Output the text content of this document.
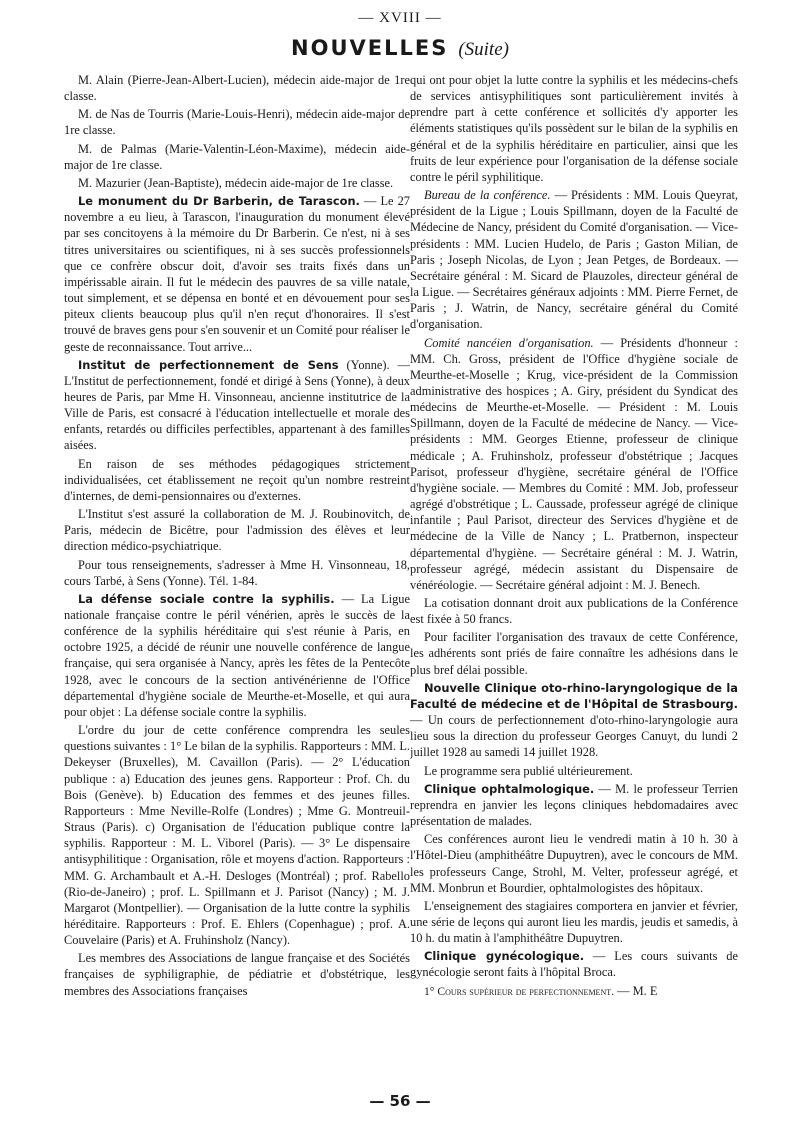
— XVIII —
NOUVELLES (Suite)

M. Alain (Pierre-Jean-Albert-Lucien), médecin aide-major de 1re classe.

M. de Nas de Tourris (Marie-Louis-Henri), médecin aide-major de 1re classe.

M. de Palmas (Marie-Valentin-Léon-Maxime), médecin aide-major de 1re classe.

M. Mazurier (Jean-Baptiste), médecin aide-major de 1re classe.

Le monument du Dr Barberin, de Tarascon. — Le 27 novembre a eu lieu, à Tarascon, l'inauguration du monument élevé par ses concitoyens à la mémoire du Dr Barberin. Ce n'est, ni à ses titres universitaires ou scientifiques, ni à ses succès professionnels que ce confrère obscur doit, d'avoir ses traits fixés dans un impérissable airain. Il fut le médecin des pauvres de sa ville natale, tout simplement, et se dépensa en bonté et en dévouement pour ses piteux clients beaucoup plus qu'il n'en reçut d'honoraires. Il s'est trouvé de braves gens pour s'en souvenir et un Comité pour réaliser le geste de reconnaissance. Tout arrive...

Institut de perfectionnement de Sens (Yonne). — L'Institut de perfectionnement, fondé et dirigé à Sens (Yonne), à deux heures de Paris, par Mme H. Vinsonneau, ancienne institutrice de la Ville de Paris, est consacré à l'éducation intellectuelle et morale des enfants, retardés ou difficiles perfectibles, appartenant à des familles aisées.

En raison de ses méthodes pédagogiques strictement individualisées, cet établissement ne reçoit qu'un nombre restreint d'internes, de demi-pensionnaires ou d'externes.

L'Institut s'est assuré la collaboration de M. J. Roubinovitch, de Paris, médecin de Bicêtre, pour l'admission des élèves et leur direction médico-psychiatrique.

Pour tous renseignements, s'adresser à Mme H. Vinsonneau, 18, cours Tarbé, à Sens (Yonne). Tél. 1-84.

La défense sociale contre la syphilis. — La Ligue nationale française contre le péril vénérien, après le succès de la conférence de la syphilis héréditaire qui s'est réunie à Paris, en octobre 1925, a décidé de réunir une nouvelle conférence de langue française, qui sera organisée à Nancy, après les fêtes de la Pentecôte 1928, avec le concours de la section antivénérienne de l'Office départemental d'hygiène sociale de Meurthe-et-Moselle, et qui aura pour objet : La défense sociale contre la syphilis.

L'ordre du jour de cette conférence comprendra les seules questions suivantes : 1° Le bilan de la syphilis. Rapporteurs : MM. L. Dekeyser (Bruxelles), M. Cavaillon (Paris). — 2° L'éducation publique : a) Education des jeunes gens. Rapporteur : Prof. Ch. du Bois (Genève). b) Education des femmes et des jeunes filles. Rapporteurs : Mme Neville-Rolfe (Londres) ; Mme G. Montreuil-Straus (Paris). c) Organisation de l'éducation publique contre la syphilis. Rapporteur : M. L. Viborel (Paris). — 3° Le dispensaire antisyphilitique : Organisation, rôle et moyens d'action. Rapporteurs : MM. G. Archambault et A.-H. Desloges (Montréal) ; prof. Rabello (Rio-de-Janeiro) ; prof. L. Spillmann et J. Parisot (Nancy) ; M. J. Margarot (Montpellier). — Organisation de la lutte contre la syphilis héréditaire. Rapporteurs : Prof. E. Ehlers (Copenhague) ; prof. A. Couvelaire (Paris) et A. Fruhinsholz (Nancy).

Les membres des Associations de langue française et des Sociétés françaises de syphiligraphie, de pédiatrie et d'obstétrique, les membres des Associations françaises

qui ont pour objet la lutte contre la syphilis et les médecins-chefs de services antisyphilitiques sont particulièrement invités à prendre part à cette conférence et sollicités d'y apporter les éléments statistiques qu'ils possèdent sur le bilan de la syphilis en général et de la syphilis héréditaire en particulier, ainsi que les fruits de leur expérience pour l'organisation de la défense sociale contre le péril syphilitique.

Bureau de la conférence. — Présidents : MM. Louis Queyrat, président de la Ligue ; Louis Spillmann, doyen de la Faculté de Médecine de Nancy, président du Comité d'organisation. — Vice-présidents : MM. Lucien Hudelo, de Paris ; Gaston Milian, de Paris ; Joseph Nicolas, de Lyon ; Jean Petges, de Bordeaux. — Secrétaire général : M. Sicard de Plauzoles, directeur général de la Ligue. — Secrétaires généraux adjoints : MM. Pierre Fernet, de Paris ; J. Watrin, de Nancy, secrétaire général du Comité d'organisation.

Comité nancéien d'organisation. — Présidents d'honneur : MM. Ch. Gross, président de l'Office d'hygiène sociale de Meurthe-et-Moselle ; Krug, vice-président de la Commission administrative des hospices ; A. Giry, président du Syndicat des médecins de Meurthe-et-Moselle. — Président : M. Louis Spillmann, doyen de la Faculté de médecine de Nancy. — Vice-présidents : MM. Georges Etienne, professeur de clinique médicale ; A. Fruhinsholz, professeur d'obstétrique ; Jacques Parisot, professeur d'hygiène, secrétaire général de l'Office d'hygiène sociale. — Membres du Comité : MM. Job, professeur agrégé d'obstrétique ; L. Caussade, professeur agrégé de clinique infantile ; Paul Parisot, directeur des Services d'hygiène et de médecine de la Ville de Nancy ; L. Pratbernon, inspecteur départemental d'hygiène. — Secrétaire général : M. J. Watrin, professeur agrégé, médecin assistant du Dispensaire de vénéréologie. — Secrétaire général adjoint : M. J. Benech.

La cotisation donnant droit aux publications de la Conférence est fixée à 50 francs.

Pour faciliter l'organisation des travaux de cette Conférence, les adhérents sont priés de faire connaître les adhésions dans le plus bref délai possible.

Nouvelle Clinique oto-rhino-laryngologique de la Faculté de médecine et de l'Hôpital de Strasbourg. — Un cours de perfectionnement d'oto-rhino-laryngologie aura lieu sous la direction du professeur Georges Canuyt, du lundi 2 juillet 1928 au samedi 14 juillet 1928.

Le programme sera publié ultérieurement.

Clinique ophtalmologique. — M. le professeur Terrien reprendra en janvier les leçons cliniques hebdomadaires avec présentation de malades.

Ces conférences auront lieu le vendredi matin à 10 h. 30 à l'Hôtel-Dieu (amphithéâtre Dupuytren), avec le concours de MM. les professeurs Cange, Strohl, M. Velter, professeur agrégé, et MM. Monbrun et Bourdier, ophtalmologistes des hôpitaux.

L'enseignement des stagiaires comportera en janvier et février, une série de leçons qui auront lieu les mardis, jeudis et samedis, à 10 h. du matin à l'amphithéâtre Dupuytren.

Clinique gynécologique. — Les cours suivants de gynécologie seront faits à l'hôpital Broca.

1° Cours supérieur de perfectionnement. — M. E

— 56 —
